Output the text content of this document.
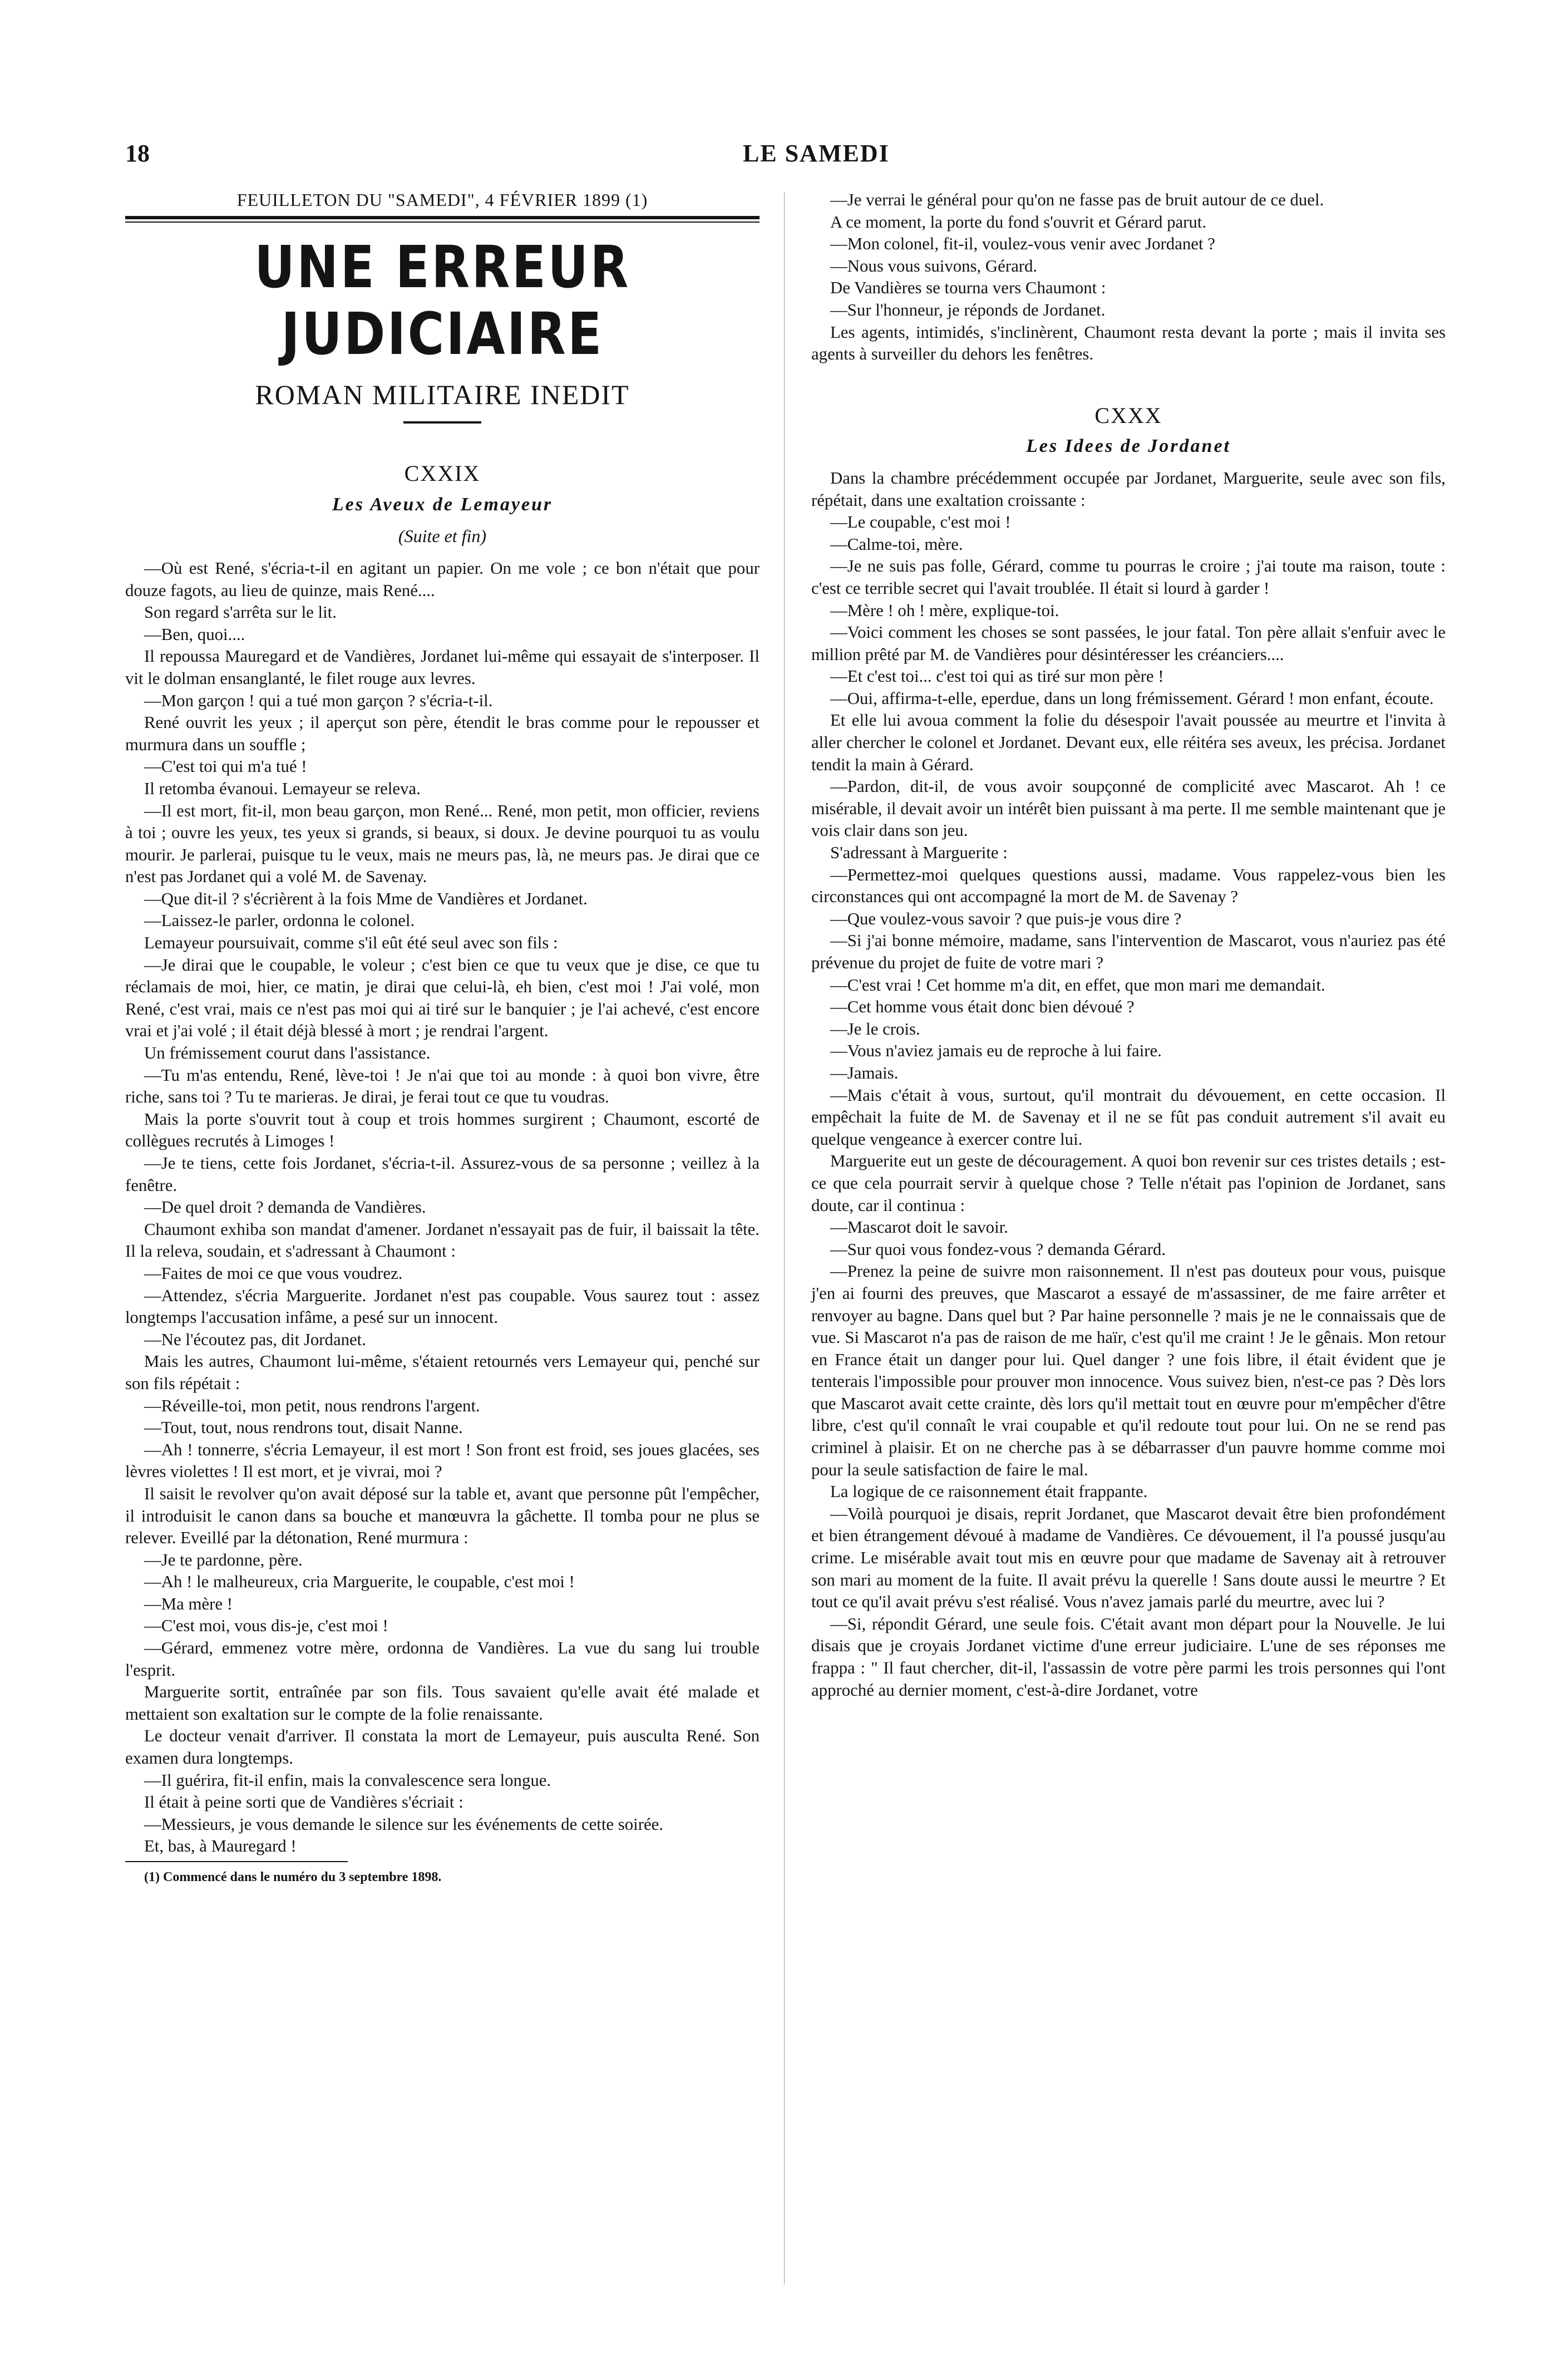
18	LE SAMEDI
FEUILLETON DU "SAMEDI", 4 FÉVRIER 1899 (1)
UNE ERREUR JUDICIAIRE
ROMAN MILITAIRE INEDIT
CXXIX
Les Aveux de Lemayeur
(Suite et fin)

—Où est René, s'écria-t-il en agitant un papier. On me vole ; ce bon n'était que pour douze fagots, au lieu de quinze, mais René....

Son regard s'arrêta sur le lit.

—Ben, quoi....

Il repoussa Mauregard et de Vandières, Jordanet lui-même qui essayait de s'interposer. Il vit le dolman ensanglanté, le filet rouge aux levres.

—Mon garçon ! qui a tué mon garçon ? s'écria-t-il.

René ouvrit les yeux ; il aperçut son père, étendit le bras comme pour le repousser et murmura dans un souffle ;

—C'est toi qui m'a tué !

Il retomba évanoui. Lemayeur se releva.

—Il est mort, fit-il, mon beau garçon, mon René... René, mon petit, mon officier, reviens à toi ; ouvre les yeux, tes yeux si grands, si beaux, si doux. Je devine pourquoi tu as voulu mourir. Je parlerai, puisque tu le veux, mais ne meurs pas, là, ne meurs pas. Je dirai que ce n'est pas Jordanet qui a volé M. de Savenay.

—Que dit-il ? s'écrièrent à la fois Mme de Vandières et Jordanet.

—Laissez-le parler, ordonna le colonel.

Lemayeur poursuivait, comme s'il eût été seul avec son fils :

—Je dirai que le coupable, le voleur ; c'est bien ce que tu veux que je dise, ce que tu réclamais de moi, hier, ce matin, je dirai que celui-là, eh bien, c'est moi ! J'ai volé, mon René, c'est vrai, mais ce n'est pas moi qui ai tiré sur le banquier ; je l'ai achevé, c'est encore vrai et j'ai volé ; il était déjà blessé à mort ; je rendrai l'argent.

Un frémissement courut dans l'assistance.

—Tu m'as entendu, René, lève-toi ! Je n'ai que toi au monde : à quoi bon vivre, être riche, sans toi ? Tu te marieras. Je dirai, je ferai tout ce que tu voudras.

Mais la porte s'ouvrit tout à coup et trois hommes surgirent ; Chaumont, escorté de collègues recrutés à Limoges !

—Je te tiens, cette fois Jordanet, s'écria-t-il. Assurez-vous de sa personne ; veillez à la fenêtre.

—De quel droit ? demanda de Vandières.

Chaumont exhiba son mandat d'amener. Jordanet n'essayait pas de fuir, il baissait la tête. Il la releva, soudain, et s'adressant à Chaumont :

—Faites de moi ce que vous voudrez.

—Attendez, s'écria Marguerite. Jordanet n'est pas coupable. Vous saurez tout : assez longtemps l'accusation infâme, a pesé sur un innocent.

—Ne l'écoutez pas, dit Jordanet.

Mais les autres, Chaumont lui-même, s'étaient retournés vers Lemayeur qui, penché sur son fils répétait :

—Réveille-toi, mon petit, nous rendrons l'argent.

—Tout, tout, nous rendrons tout, disait Nanne.

—Ah ! tonnerre, s'écria Lemayeur, il est mort ! Son front est froid, ses joues glacées, ses lèvres violettes ! Il est mort, et je vivrai, moi ?

Il saisit le revolver qu'on avait déposé sur la table et, avant que personne pût l'empêcher, il introduisit le canon dans sa bouche et manœuvra la gâchette. Il tomba pour ne plus se relever. Eveillé par la détonation, René murmura :

—Je te pardonne, père.

—Ah ! le malheureux, cria Marguerite, le coupable, c'est moi !

—Ma mère !

—C'est moi, vous dis-je, c'est moi !

—Gérard, emmenez votre mère, ordonna de Vandières. La vue du sang lui trouble l'esprit.

Marguerite sortit, entraînée par son fils. Tous savaient qu'elle avait été malade et mettaient son exaltation sur le compte de la folie renaissante.

Le docteur venait d'arriver. Il constata la mort de Lemayeur, puis ausculta René. Son examen dura longtemps.

—Il guérira, fit-il enfin, mais la convalescence sera longue.

Il était à peine sorti que de Vandières s'écriait :

—Messieurs, je vous demande le silence sur les événements de cette soirée.

Et, bas, à Mauregard !

(1) Commencé dans le numéro du 3 septembre 1898.

—Je verrai le général pour qu'on ne fasse pas de bruit autour de ce duel.

A ce moment, la porte du fond s'ouvrit et Gérard parut.

—Mon colonel, fit-il, voulez-vous venir avec Jordanet ?

—Nous vous suivons, Gérard.

De Vandières se tourna vers Chaumont :

—Sur l'honneur, je réponds de Jordanet.

Les agents, intimidés, s'inclinèrent, Chaumont resta devant la porte ; mais il invita ses agents à surveiller du dehors les fenêtres.

CXXX
Les Idees de Jordanet

Dans la chambre précédemment occupée par Jordanet, Marguerite, seule avec son fils, répétait, dans une exaltation croissante :

—Le coupable, c'est moi !

—Calme-toi, mère.

—Je ne suis pas folle, Gérard, comme tu pourras le croire ; j'ai toute ma raison, toute : c'est ce terrible secret qui l'avait troublée. Il était si lourd à garder !

—Mère ! oh ! mère, explique-toi.

—Voici comment les choses se sont passées, le jour fatal. Ton père allait s'enfuir avec le million prêté par M. de Vandières pour désintéresser les créanciers....

—Et c'est toi... c'est toi qui as tiré sur mon père !

—Oui, affirma-t-elle, eperdue, dans un long frémissement. Gérard ! mon enfant, écoute.

Et elle lui avoua comment la folie du désespoir l'avait poussée au meurtre et l'invita à aller chercher le colonel et Jordanet. Devant eux, elle réitéra ses aveux, les précisa. Jordanet tendit la main à Gérard.

—Pardon, dit-il, de vous avoir soupçonné de complicité avec Mascarot. Ah ! ce misérable, il devait avoir un intérêt bien puissant à ma perte. Il me semble maintenant que je vois clair dans son jeu.

S'adressant à Marguerite :

—Permettez-moi quelques questions aussi, madame. Vous rappelez-vous bien les circonstances qui ont accompagné la mort de M. de Savenay ?

—Que voulez-vous savoir ? que puis-je vous dire ?

—Si j'ai bonne mémoire, madame, sans l'intervention de Mascarot, vous n'auriez pas été prévenue du projet de fuite de votre mari ?

—C'est vrai ! Cet homme m'a dit, en effet, que mon mari me demandait.

—Cet homme vous était donc bien dévoué ?

—Je le crois.

—Vous n'aviez jamais eu de reproche à lui faire.

—Jamais.

—Mais c'était à vous, surtout, qu'il montrait du dévouement, en cette occasion. Il empêchait la fuite de M. de Savenay et il ne se fût pas conduit autrement s'il avait eu quelque vengeance à exercer contre lui.

Marguerite eut un geste de découragement. A quoi bon revenir sur ces tristes details ; est-ce que cela pourrait servir à quelque chose ? Telle n'était pas l'opinion de Jordanet, sans doute, car il continua :

—Mascarot doit le savoir.

—Sur quoi vous fondez-vous ? demanda Gérard.

—Prenez la peine de suivre mon raisonnement. Il n'est pas douteux pour vous, puisque j'en ai fourni des preuves, que Mascarot a essayé de m'assassiner, de me faire arrêter et renvoyer au bagne. Dans quel but ? Par haine personnelle ? mais je ne le connaissais que de vue. Si Mascarot n'a pas de raison de me haïr, c'est qu'il me craint ! Je le gênais. Mon retour en France était un danger pour lui. Quel danger ? une fois libre, il était évident que je tenterais l'impossible pour prouver mon innocence. Vous suivez bien, n'est-ce pas ? Dès lors que Mascarot avait cette crainte, dès lors qu'il mettait tout en œuvre pour m'empêcher d'être libre, c'est qu'il connaît le vrai coupable et qu'il redoute tout pour lui. On ne se rend pas criminel à plaisir. Et on ne cherche pas à se débarrasser d'un pauvre homme comme moi pour la seule satisfaction de faire le mal.

La logique de ce raisonnement était frappante.

—Voilà pourquoi je disais, reprit Jordanet, que Mascarot devait être bien profondément et bien étrangement dévoué à madame de Vandières. Ce dévouement, il l'a poussé jusqu'au crime. Le misérable avait tout mis en œuvre pour que madame de Savenay ait à retrouver son mari au moment de la fuite. Il avait prévu la querelle ! Sans doute aussi le meurtre ? Et tout ce qu'il avait prévu s'est réalisé. Vous n'avez jamais parlé du meurtre, avec lui ?

—Si, répondit Gérard, une seule fois. C'était avant mon départ pour la Nouvelle. Je lui disais que je croyais Jordanet victime d'une erreur judiciaire. L'une de ses réponses me frappa : " Il faut chercher, dit-il, l'assassin de votre père parmi les trois personnes qui l'ont approché au dernier moment, c'est-à-dire Jordanet, votre
